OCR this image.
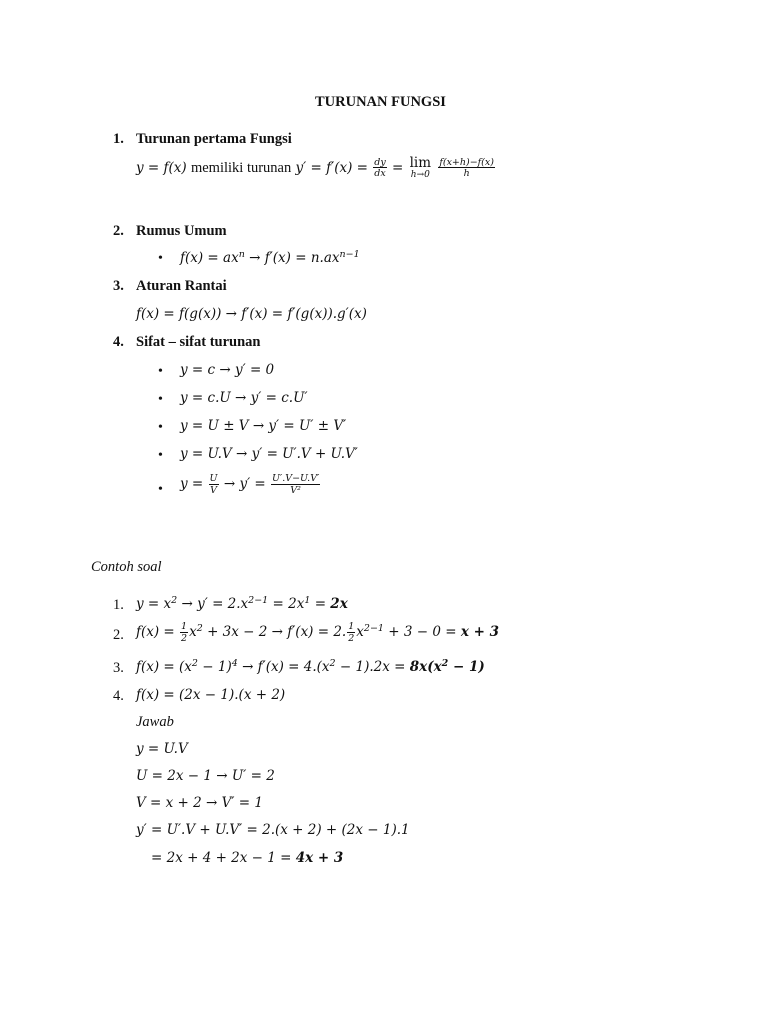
TURUNAN FUNGSI
1. Turunan pertama Fungsi
y = f(x) memiliki turunan $y' = f'(x) = \frac{dy}{dx} = \lim$
h→0
$\frac{f(x+h)-f(x)}{h}$
2. Rumus Umum
• $f(x) = ax^n \to f'(x) = n.ax^{n-1}$
3. Aturan Rantai
f(x) = f(g(x)) → f′(x) = f′(g(x)).g′(x)
4. Sifat – sifat turunan
• y = c → y′ = 0
• y = c.U → y′ = c.U′
• y = U ± V → y′ = U′ ± V′
• y = U.V → y′ = U′.V + U.V′
• $y = \frac{U}{V} \to y' = \frac{U'.V-U.V'}{\text{V²}}$
Contoh soal
1. $y = x^2 \to y' = 2.x^{2-1} = 2x^1 = 2x$
2. $f(x) = \frac{1}{2} x^2 + 3x - 2 \to f'(x) = 2$. $\frac{1}{2} x^{2-1} + 3 - 0 = x + 3$
3. $f(x) = (x^2 - 1)^4 \to f'(x) = 4.(x^2 - 1).2x = 8x(x^2 - 1)$
4. f(x) = (2x − 1).(x + 2)
Jawab
y = U.V
U = 2x − 1 → U′ = 2
V = x + 2 → V′ = 1
y′ = U′.V + U.V′ = 2.(x + 2) + (2x − 1).1
= 2x + 4 + 2x − 1 = 4x + 3
